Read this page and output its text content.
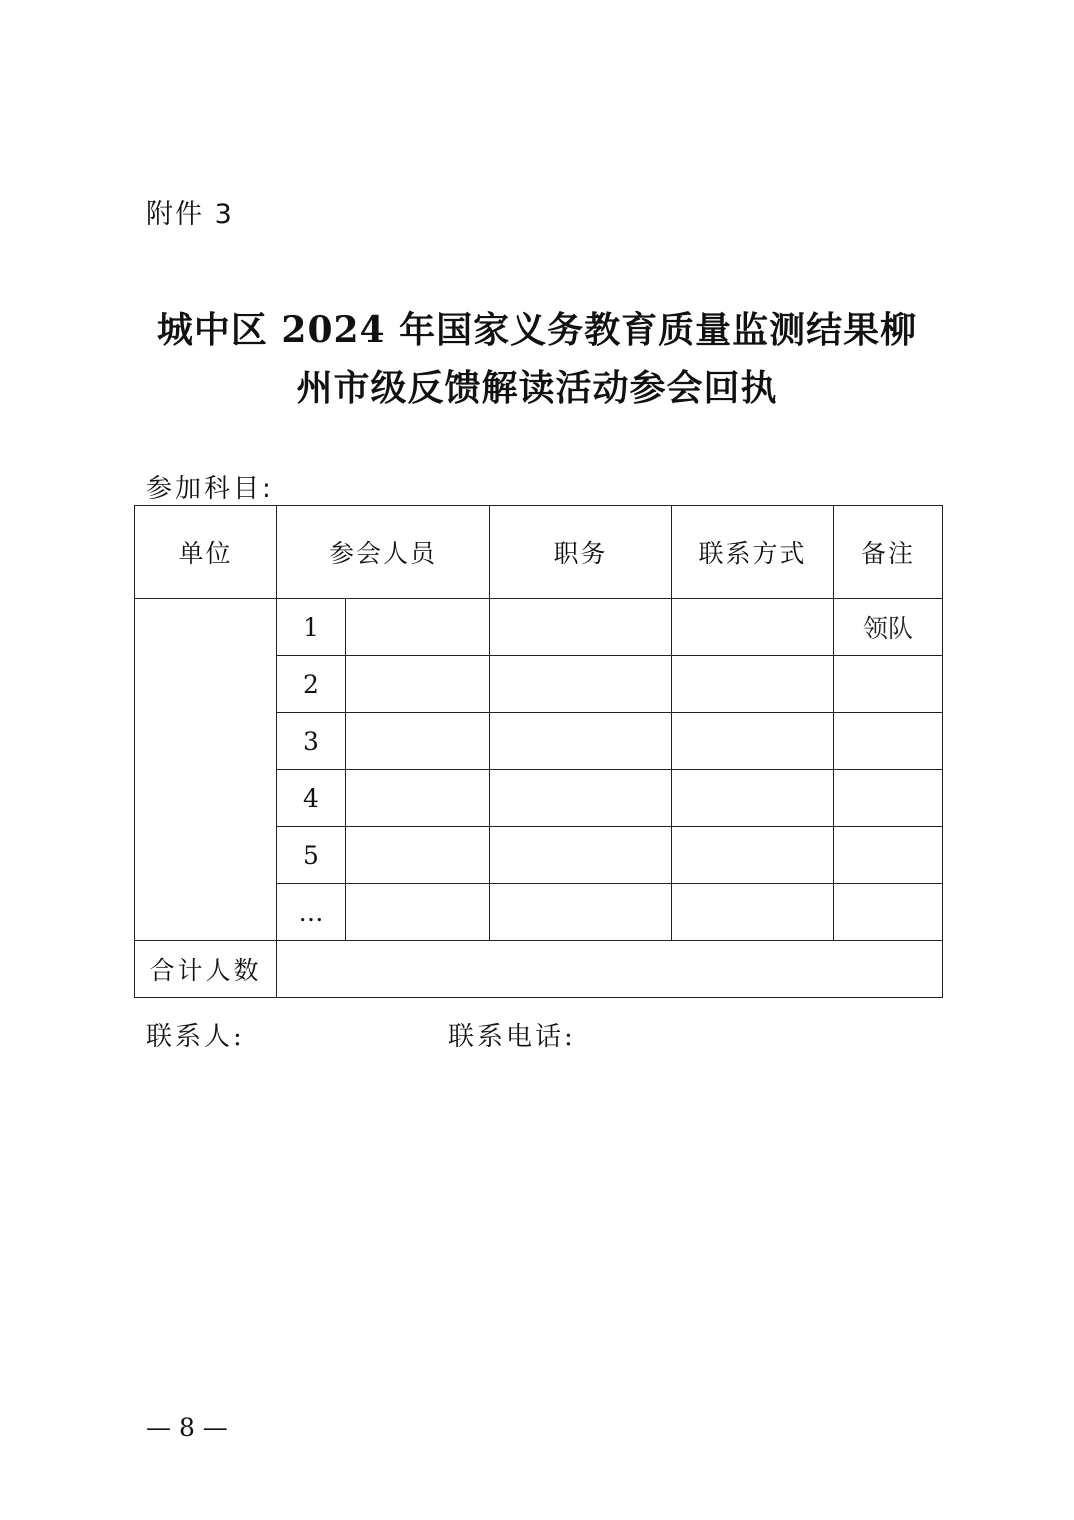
附件 3
城中区 2024 年国家义务教育质量监测结果柳
州市级反馈解读活动参会回执
参加科目:
单位	参会人员		职务	联系方式	备注
	1				领队
	2				
	3				
	4				
	5				
	…				
合计人数					
联系人:	联系电话:
— 8 —
